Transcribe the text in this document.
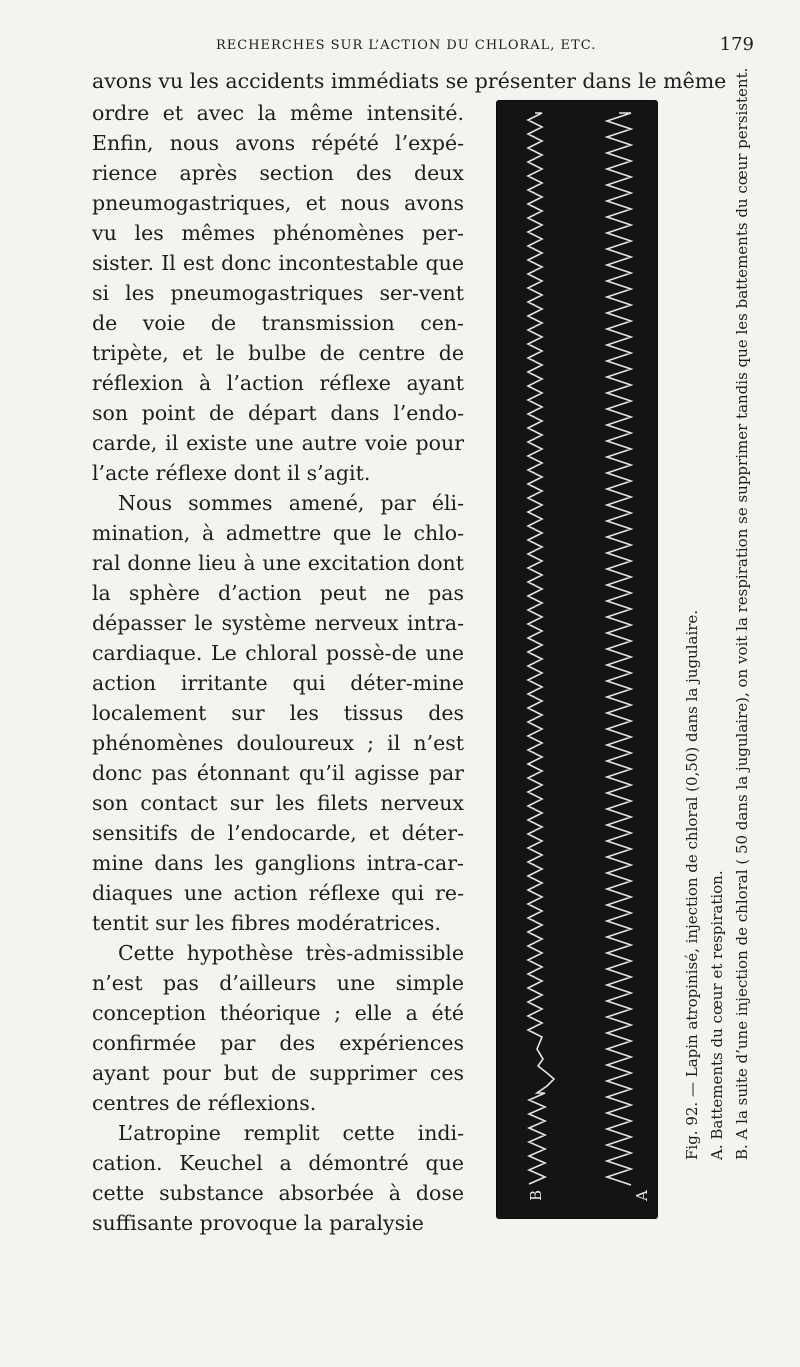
RECHERCHES SUR L’ACTION DU CHLORAL, ETC.	179
avons vu les accidents immédiats se présenter dans le même

ordre et avec la même intensité. Enfin, nous avons répété l’expé-rience après section des deux pneumogastriques, et nous avons vu les mêmes phénomènes per-sister. Il est donc incontestable que si les pneumogastriques ser-vent de voie de transmission cen-tripète, et le bulbe de centre de réflexion à l’action réflexe ayant son point de départ dans l’endo-carde, il existe une autre voie pour l’acte réflexe dont il s’agit.

Nous sommes amené, par éli-mination, à admettre que le chlo-ral donne lieu à une excitation dont la sphère d’action peut ne pas dépasser le système nerveux intra-cardiaque. Le chloral possè-de une action irritante qui déter-mine localement sur les tissus des phénomènes douloureux ; il n’est donc pas étonnant qu’il agisse par son contact sur les filets nerveux sensitifs de l’endocarde, et déter-mine dans les ganglions intra-car-diaques une action réflexe qui re-tentit sur les fibres modératrices.

Cette hypothèse très-admissible n’est pas d’ailleurs une simple conception théorique ; elle a été confirmée par des expériences ayant pour but de supprimer ces centres de réflexions.

L’atropine remplit cette indi-cation. Keuchel a démontré que cette substance absorbée à dose suffisante provoque la paralysie

B	A
Fig. 92. — Lapin atropinisé, injection de chloral (0,50) dans la jugulaire. A. Battements du cœur et respiration. B. A la suite d’une injection de chloral ( 50 dans la jugulaire), on voit la respiration se supprimer tandis que les battements du cœur persistent.
